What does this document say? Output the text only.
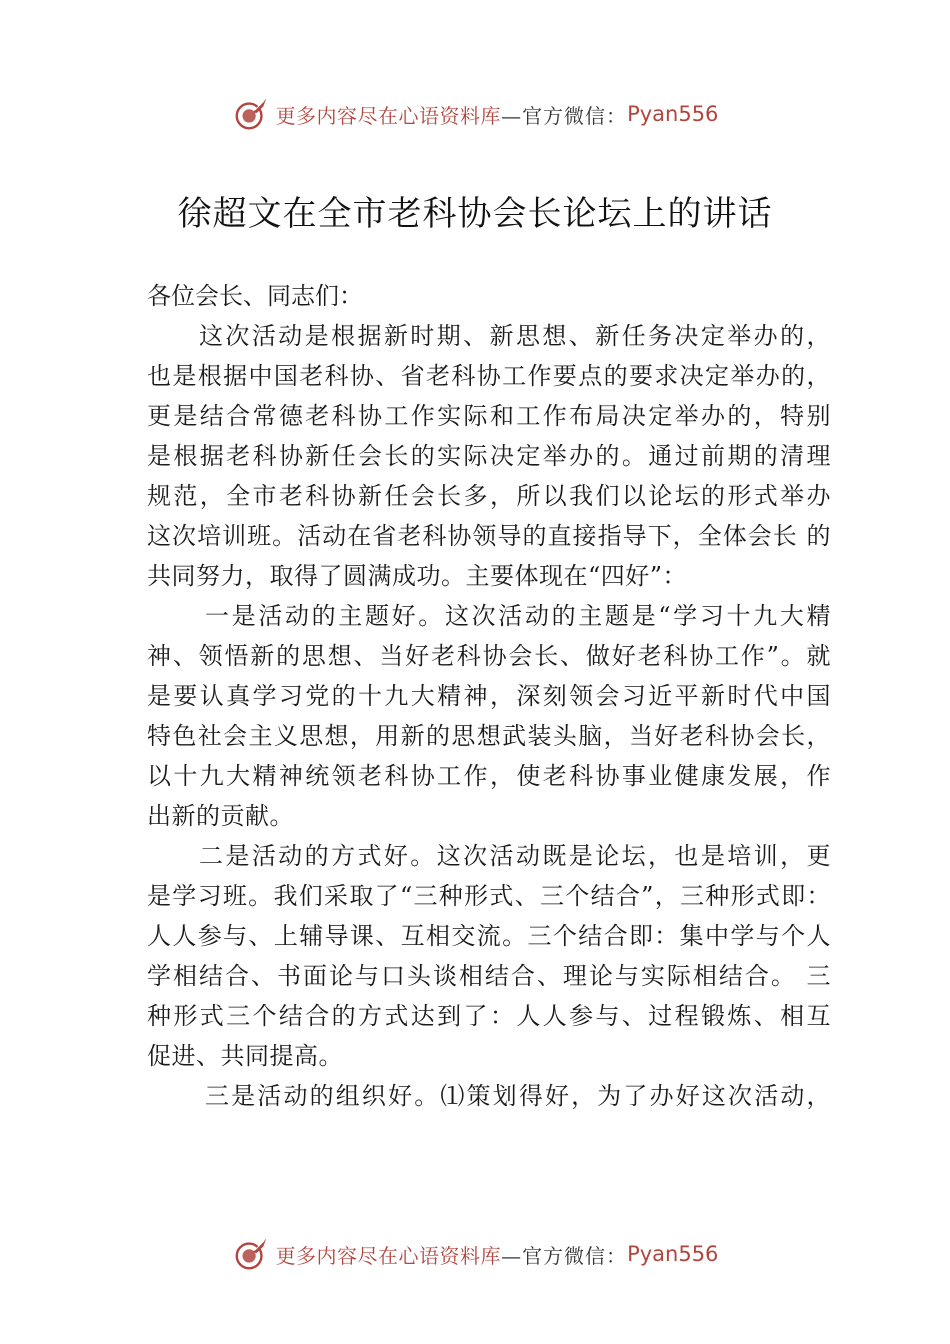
更多内容尽在心语资料库 —官方微信： Pyan556
徐超文在全市老科协会长论坛上的讲话
各位会长、同志们：
这次活动是根据新时期、新思想、新任务决定举办的，
也是根据中国老科协、省老科协工作要点的要求决定举办的，
更是结合常德老科协工作实际和工作布局决定举办的，特别
是根据老科协新任会长的实际决定举办的。通过前期的清理
规范，全市老科协新任会长多，所以我们以论坛的形式举办
这次培训班。活动在省老科协领导的直接指导下，全体会长 的
共同努力，取得了圆满成功。主要体现在“四好”：
一是活动的主题好。这次活动的主题是“学习十九大精
神、领悟新的思想、当好老科协会长、做好老科协工作”。就
是要认真学习党的十九大精神，深刻领会习近平新时代中国
特色社会主义思想，用新的思想武装头脑，当好老科协会长，
以十九大精神统领老科协工作，使老科协事业健康发展，作
出新的贡献。
二是活动的方式好。这次活动既是论坛，也是培训，更
是学习班。我们采取了“三种形式、三个结合”，三种形式即：
人人参与、上辅导课、互相交流。三个结合即：集中学与个人
学相结合、书面论与口头谈相结合、理论与实际相结合。 三
种形式三个结合的方式达到了：人人参与、过程锻炼、相互
促进、共同提高。
三是活动的组织好。⑴策划得好，为了办好这次活动，
更多内容尽在心语资料库 —官方微信： Pyan556
